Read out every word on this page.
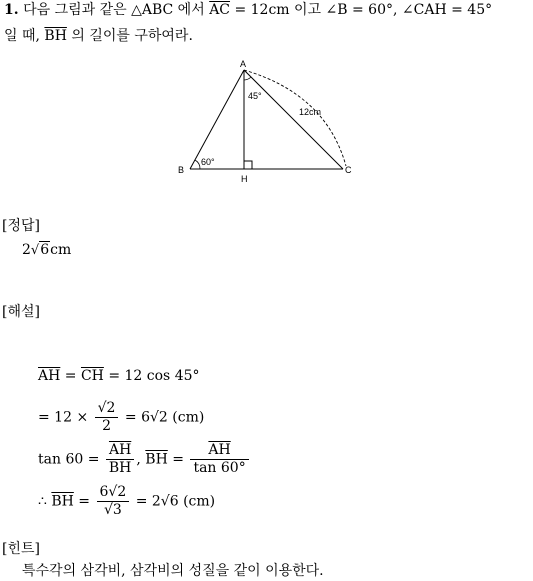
1. 다음 그림과 같은 △ABC 에서 $\overline{AC} = 12cm$ 이고 ∠B = 60°, ∠CAH = 45°
일 때, $\overline{BH}$ 의 길이를 구하여라.
A
B	C
H
45°
60°
12cm
[정답]
2√6cm
[해설]
$\overline{AH} = \overline{CH} = 12$ cos 45°
= $12 \times \frac{√2}{2} = 6√2$ (cm)
$\tan 60 = \frac{\overline{AH}}{BH}$ , $\overline{BH} = \frac{\overline{AH}}{\tan 60^\circ}$
∴ $\overline{BH} = \frac{6√2}{√3} = 2√6$ (cm)
[힌트]
특수각의 삼각비, 삼각비의 성질을 같이 이용한다.
